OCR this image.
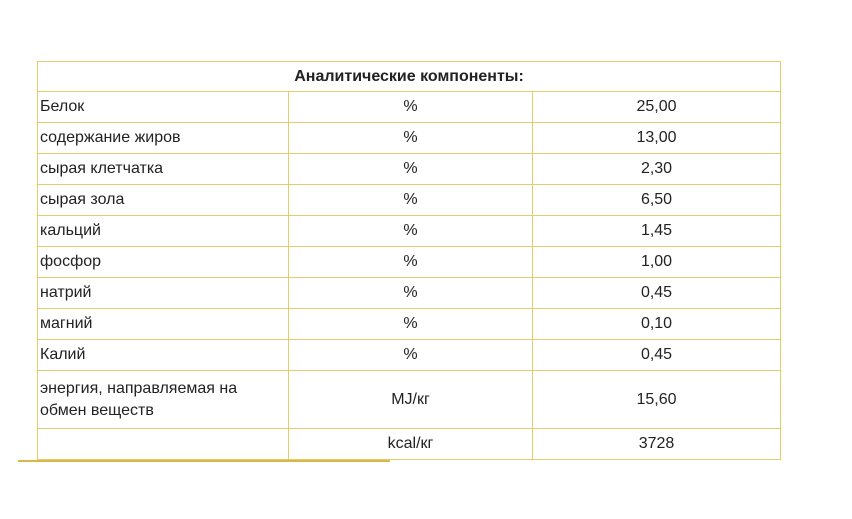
Аналитические компоненты:		
Белок	%	25,00
содержание жиров	%	13,00
сырая клетчатка	%	2,30
сырая зола	%	6,50
кальций	%	1,45
фосфор	%	1,00
натрий	%	0,45
магний	%	0,10
Калий	%	0,45
энергия, направляемая на обмен веществ	MJ/кг	15,60
	kcal/кг	3728
